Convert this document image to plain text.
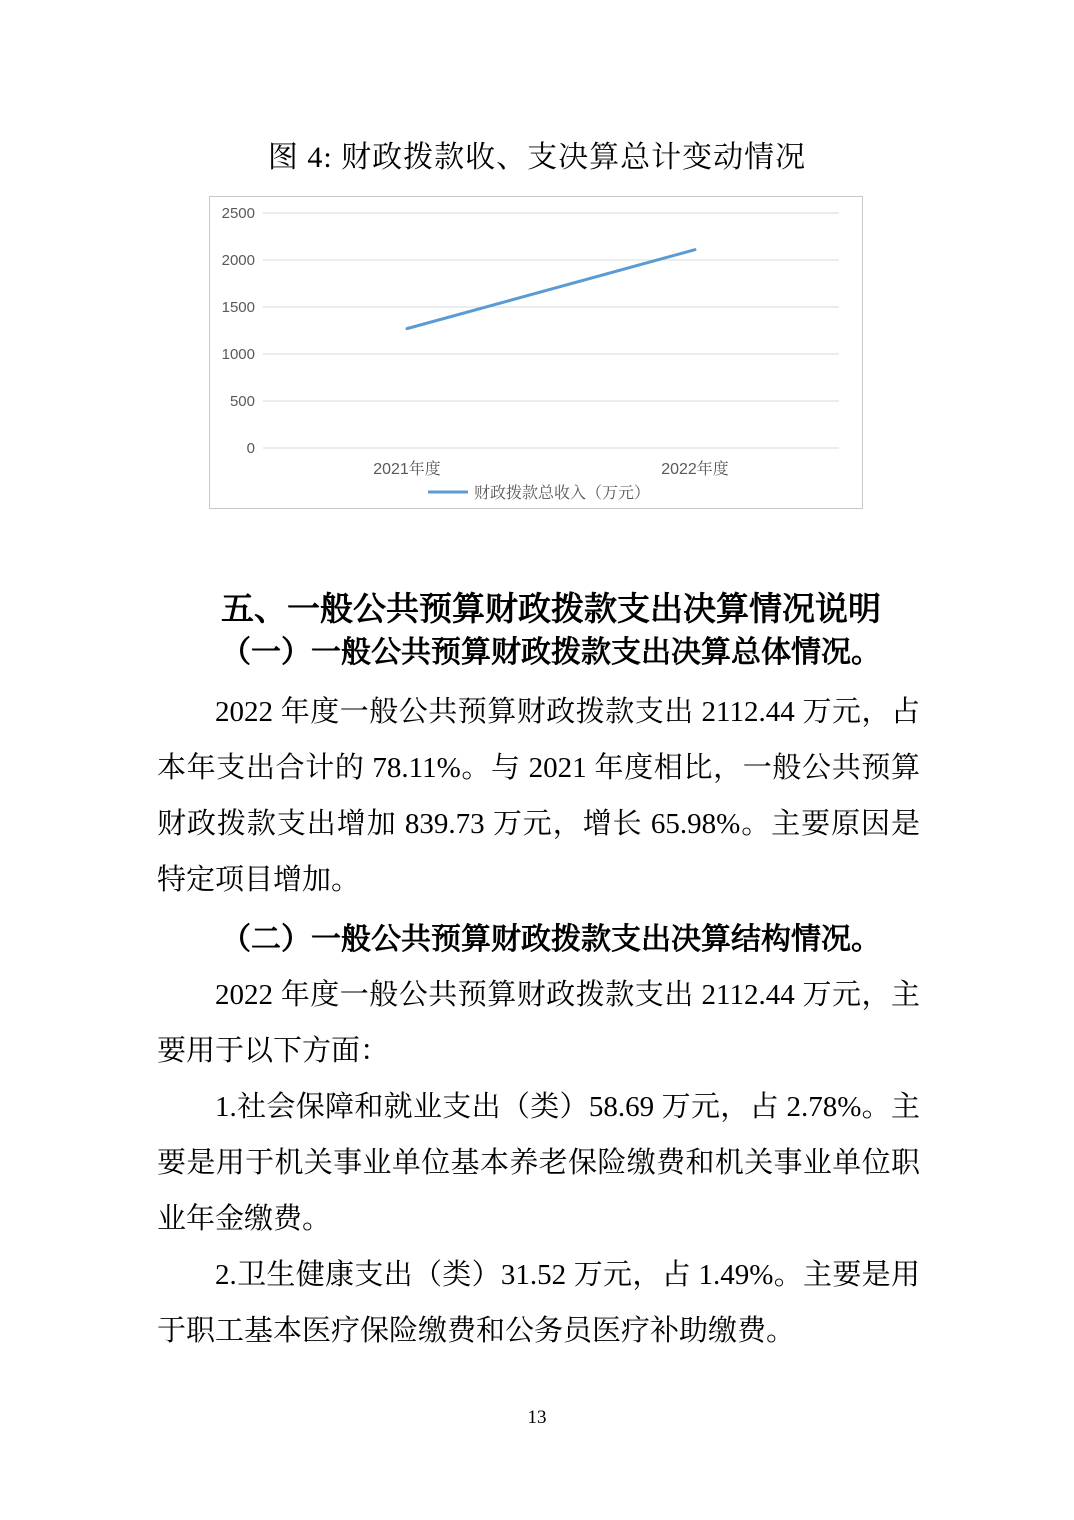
图 4: 财政拨款收、支决算总计变动情况
0
500
1000
1500
2000
2500
2021年度	2022年度
财政拨款总收入（万元）
五、一般公共预算财政拨款支出决算情况说明
（一）一般公共预算财政拨款支出决算总体情况。
2022 年度一般公共预算财政拨款支出 2112.44 万元，占本年支出合计的 78.11%。与 2021 年度相比，一般公共预算财政拨款支出增加 839.73 万元，增长 65.98%。主要原因是特定项目增加。
（二）一般公共预算财政拨款支出决算结构情况。
2022 年度一般公共预算财政拨款支出 2112.44 万元，主要用于以下方面：
1.社会保障和就业支出（类）58.69 万元，占 2.78%。主要是用于机关事业单位基本养老保险缴费和机关事业单位职业年金缴费。
2.卫生健康支出（类）31.52 万元，占 1.49%。主要是用于职工基本医疗保险缴费和公务员医疗补助缴费。
13
